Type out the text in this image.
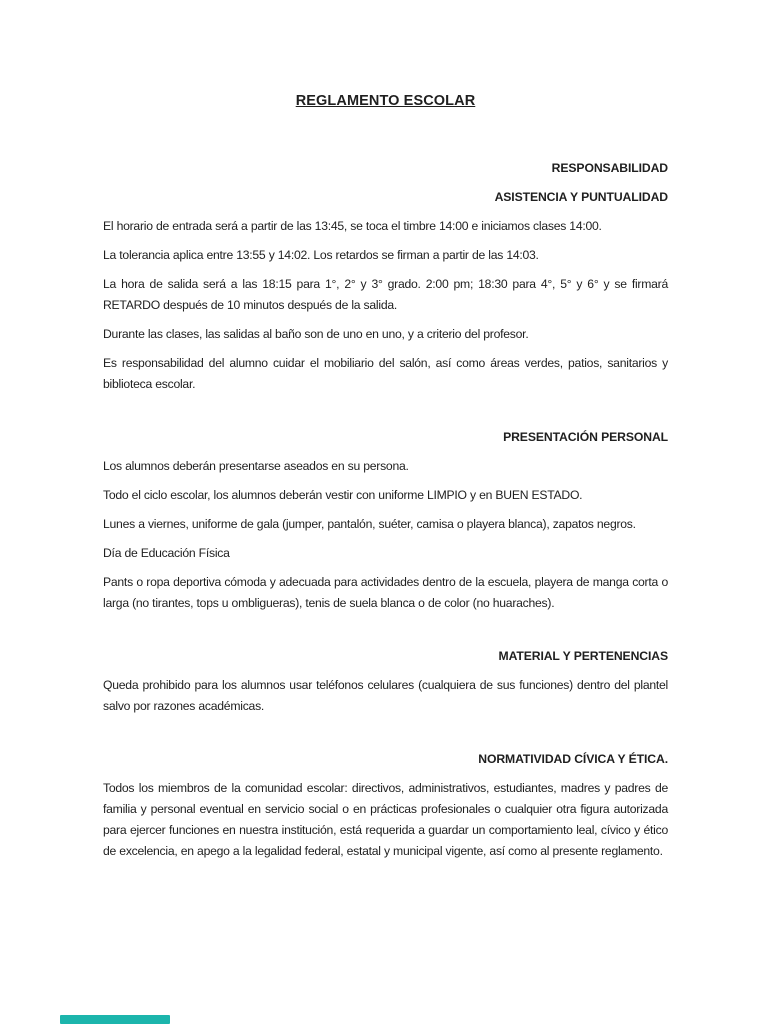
REGLAMENTO ESCOLAR
RESPONSABILIDAD
ASISTENCIA Y PUNTUALIDAD

El horario de entrada será a partir de las 13:45, se toca el timbre 14:00 e iniciamos clases 14:00.

La tolerancia aplica entre 13:55 y 14:02. Los retardos se firman a partir de las 14:03.

La hora de salida será a las 18:15 para 1°, 2° y 3° grado. 2:00 pm; 18:30 para 4°, 5° y 6° y se firmará RETARDO después de 10 minutos después de la salida.

Durante las clases, las salidas al baño son de uno en uno, y a criterio del profesor.

Es responsabilidad del alumno cuidar el mobiliario del salón, así como áreas verdes, patios, sanitarios y biblioteca escolar.

PRESENTACIÓN PERSONAL

Los alumnos deberán presentarse aseados en su persona.

Todo el ciclo escolar, los alumnos deberán vestir con uniforme LIMPIO y en BUEN ESTADO.

Lunes a viernes, uniforme de gala (jumper, pantalón, suéter, camisa o playera blanca), zapatos negros.

Día de Educación Física

Pants o ropa deportiva cómoda y adecuada para actividades dentro de la escuela, playera de manga corta o larga (no tirantes, tops u ombligueras), tenis de suela blanca o de color (no huaraches).

MATERIAL Y PERTENENCIAS

Queda prohibido para los alumnos usar teléfonos celulares (cualquiera de sus funciones) dentro del plantel salvo por razones académicas.

NORMATIVIDAD CÍVICA Y ÉTICA.

Todos los miembros de la comunidad escolar: directivos, administrativos, estudiantes, madres y padres de familia y personal eventual en servicio social o en prácticas profesionales o cualquier otra figura autorizada para ejercer funciones en nuestra institución, está requerida a guardar un comportamiento leal, cívico y ético de excelencia, en apego a la legalidad federal, estatal y municipal vigente, así como al presente reglamento.
